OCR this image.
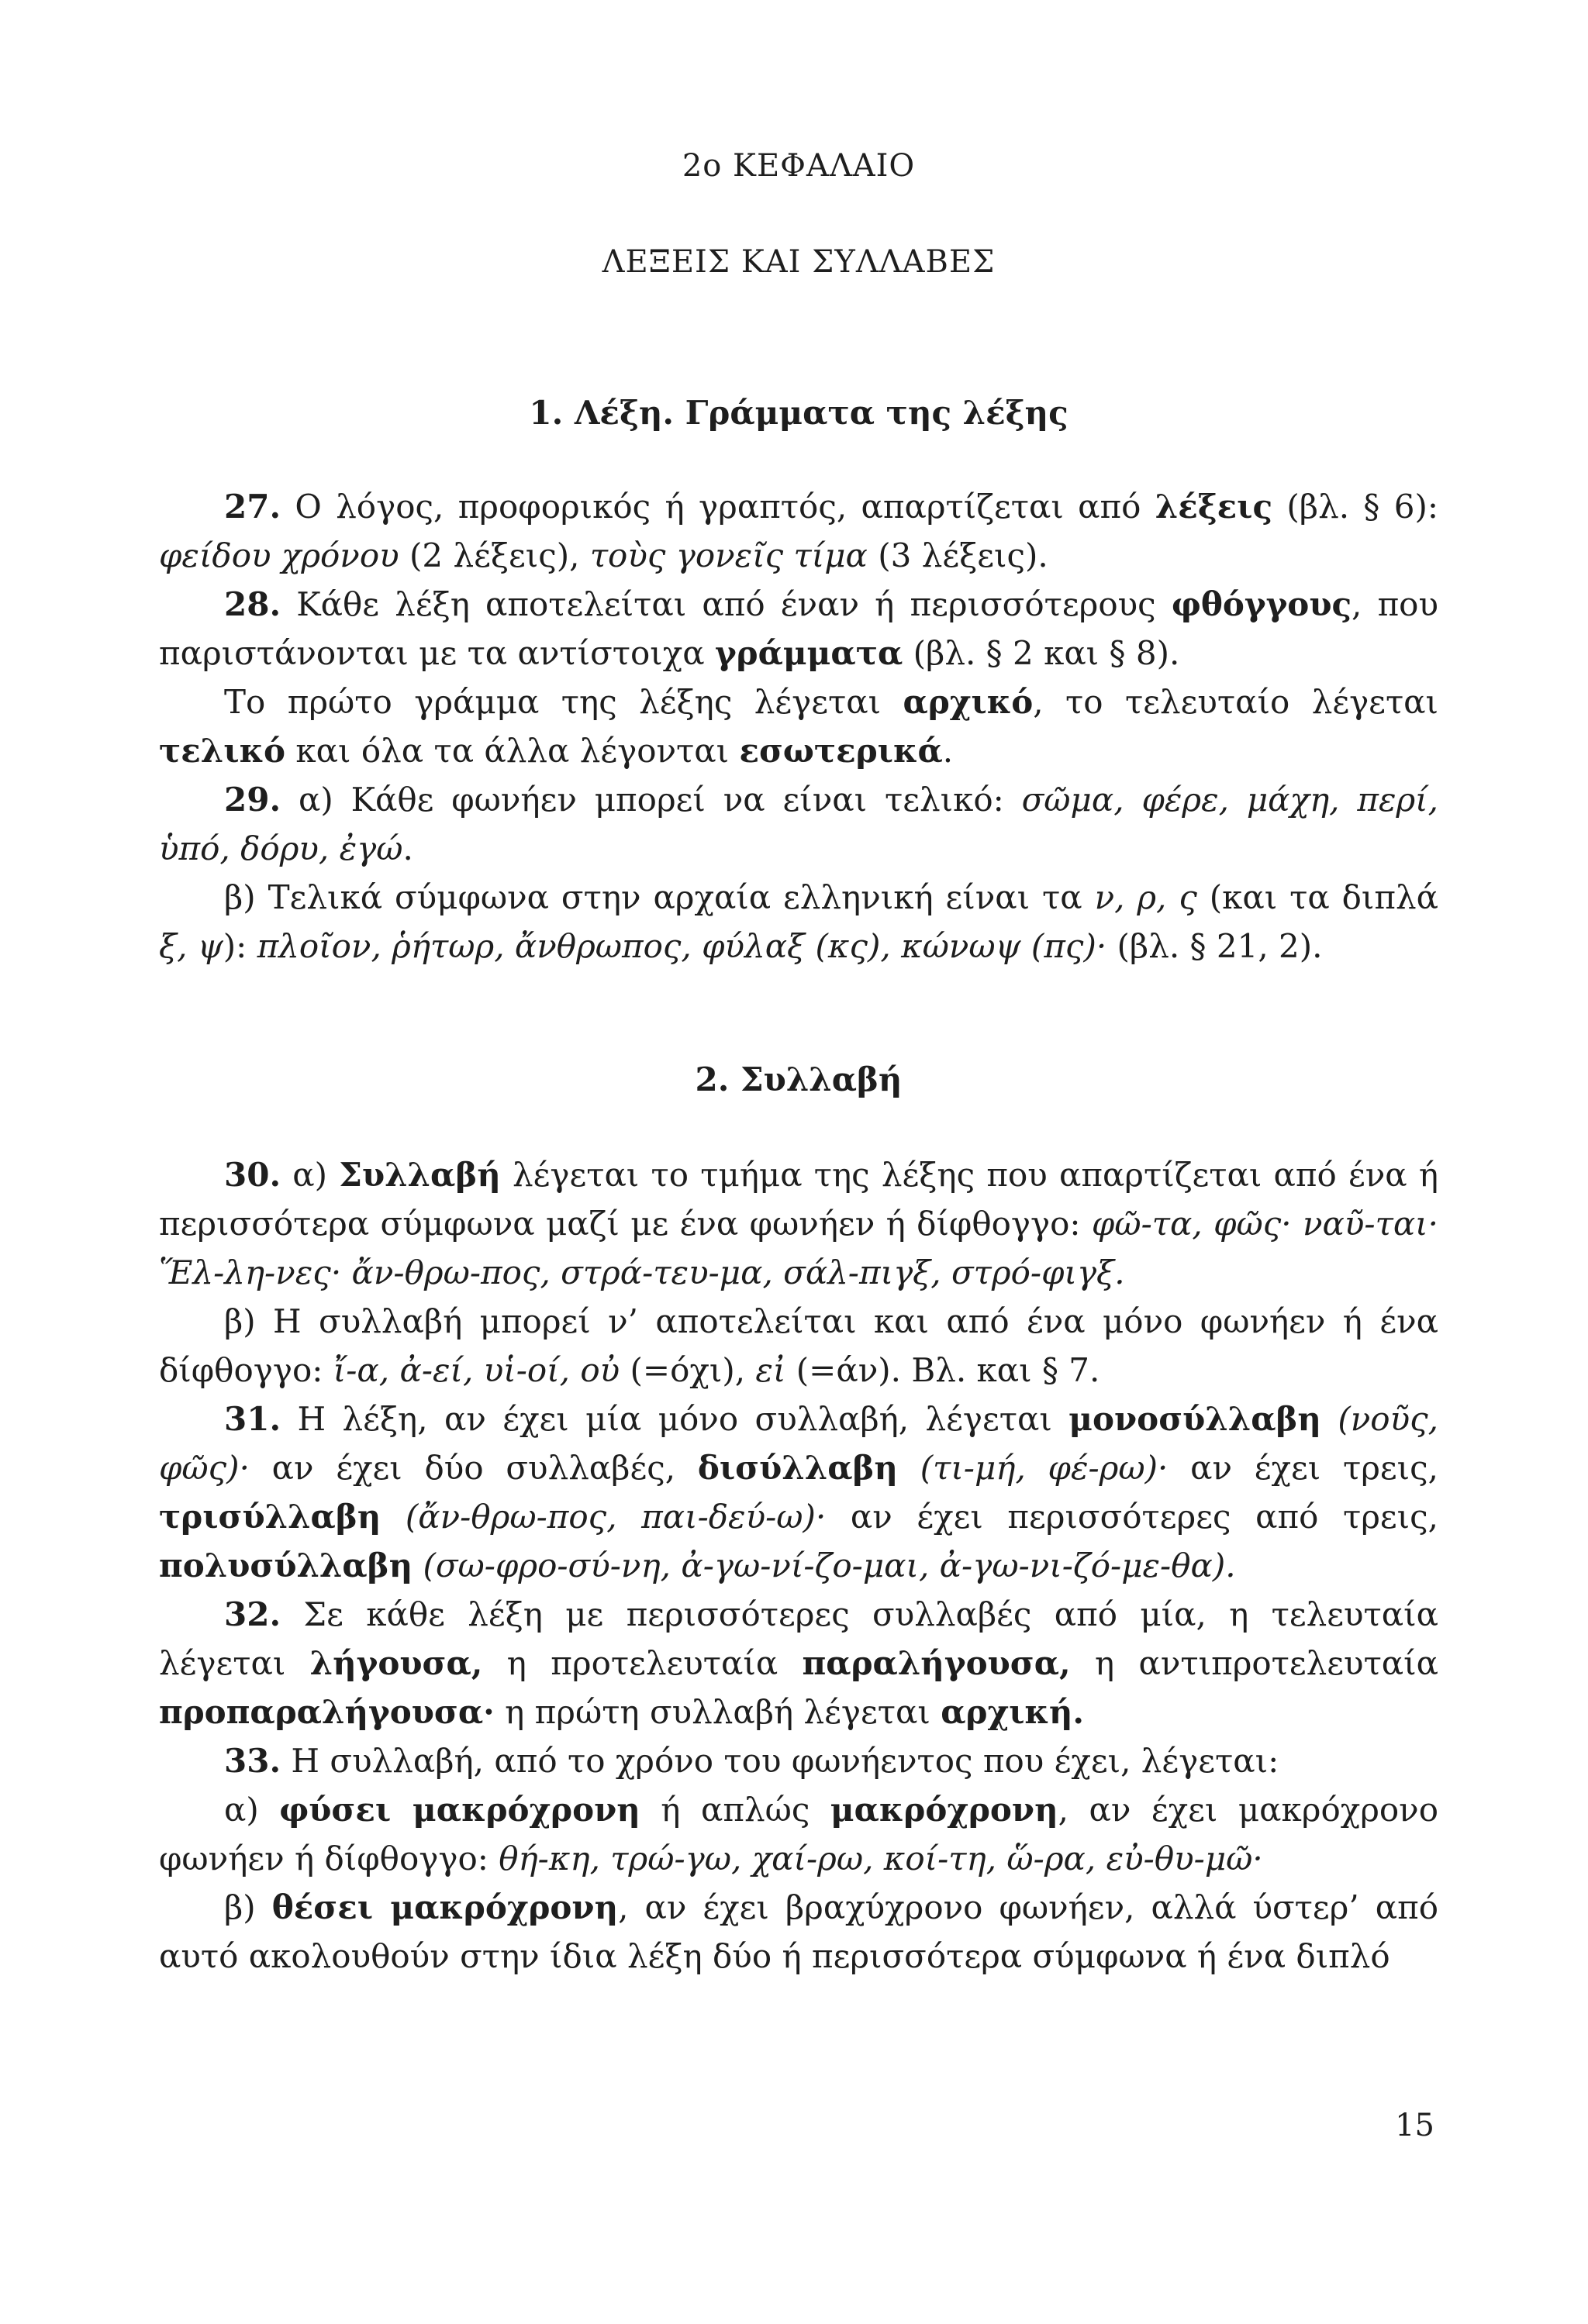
2ο ΚΕΦΑΛΑΙΟ
ΛΕΞΕΙΣ ΚΑΙ ΣΥΛΛΑΒΕΣ
1. Λέξη. Γράμματα της λέξης

27. Ο λόγος, προφορικός ή γραπτός, απαρτίζεται από λέξεις (βλ. § 6): φείδου χρόνου (2 λέξεις), τοὺς γονεῖς τίμα (3 λέξεις).

28. Κάθε λέξη αποτελείται από έναν ή περισσότερους φθόγγους, που παριστάνονται με τα αντίστοιχα γράμματα (βλ. § 2 και § 8).

Το πρώτο γράμμα της λέξης λέγεται αρχικό, το τελευταίο λέγεται τελικό και όλα τα άλλα λέγονται εσωτερικά.

29. α) Κάθε φωνήεν μπορεί να είναι τελικό: σῶμα, φέρε, μάχη, περί, ὑπό, δόρυ, ἐγώ.

β) Τελικά σύμφωνα στην αρχαία ελληνική είναι τα ν, ρ, ς (και τα διπλά ξ, ψ): πλοῖον, ῥήτωρ, ἄνθρωπος, φύλαξ (κς), κώνωψ (πς)· (βλ. § 21, 2).

2. Συλλαβή

30. α) Συλλαβή λέγεται το τμήμα της λέξης που απαρτίζεται από ένα ή περισσότερα σύμφωνα μαζί με ένα φωνήεν ή δίφθογγο: φῶ-τα, φῶς· ναῦ-ται· Ἕλ-λη-νες· ἄν-θρω-πος, στρά-τευ-μα, σάλ-πιγξ, στρό-φιγξ.

β) Η συλλαβή μπορεί ν’ αποτελείται και από ένα μόνο φωνήεν ή ένα δίφθογγο: ἴ-α, ἀ-εί, υἱ-οί, οὐ (=όχι), εἰ (=άν). Βλ. και § 7.

31. Η λέξη, αν έχει μία μόνο συλλαβή, λέγεται μονοσύλλαβη (νοῦς, φῶς)· αν έχει δύο συλλαβές, δισύλλαβη (τι-μή, φέ-ρω)· αν έχει τρεις, τρισύλλαβη (ἄν-θρω-πος, παι-δεύ-ω)· αν έχει περισσότερες από τρεις, πολυσύλλαβη (σω-φρο-σύ-νη, ἀ-γω-νί-ζο-μαι, ἀ-γω-νι-ζό-με-θα).

32. Σε κάθε λέξη με περισσότερες συλλαβές από μία, η τελευταία λέγεται λήγουσα, η προτελευταία παραλήγουσα, η αντιπροτελευταία προπαραλήγουσα· η πρώτη συλλαβή λέγεται αρχική.

33. Η συλλαβή, από το χρόνο του φωνήεντος που έχει, λέγεται:

α) φύσει μακρόχρονη ή απλώς μακρόχρονη, αν έχει μακρόχρονο φωνήεν ή δίφθογγο: θή-κη, τρώ-γω, χαί-ρω, κοί-τη, ὥ-ρα, εὐ-θυ-μῶ·

β) θέσει μακρόχρονη, αν έχει βραχύχρονο φωνήεν, αλλά ύστερ’ από αυτό ακολουθούν στην ίδια λέξη δύο ή περισσότερα σύμφωνα ή ένα διπλό

15
